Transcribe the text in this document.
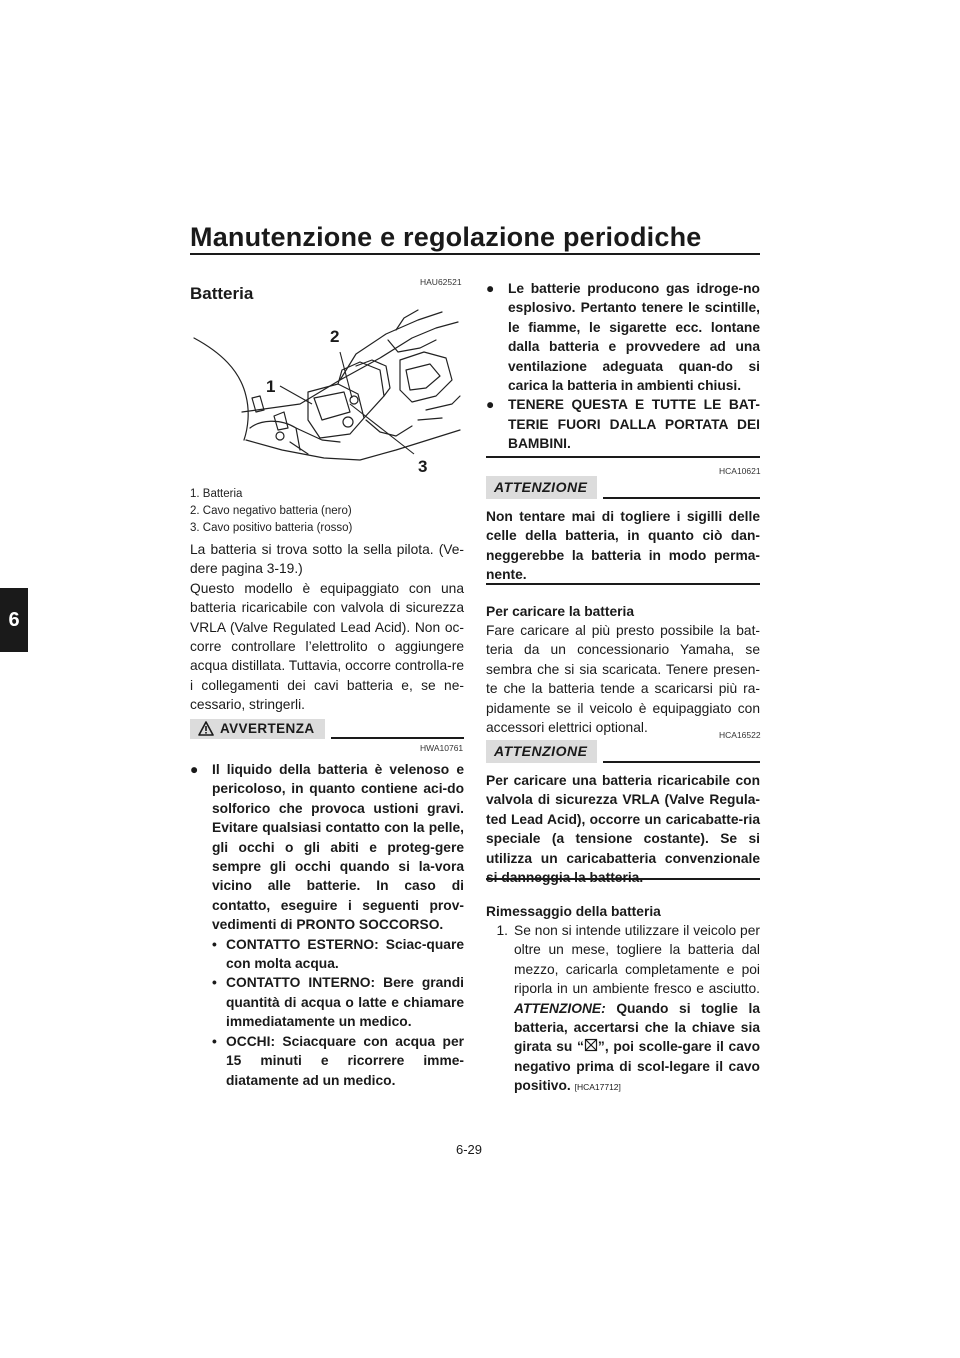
Manutenzione e regolazione periodiche
6
HAU62521
Batteria
1
2
3
1. Batteria
2. Cavo negativo batteria (nero)
3. Cavo positivo batteria (rosso)
La batteria si trova sotto la sella pilota. (Ve-dere pagina 3-19.)
Questo modello è equipaggiato con una batteria ricaricabile con valvola di sicurezza VRLA (Valve Regulated Lead Acid). Non oc-corre controllare l’elettrolito o aggiungere acqua distillata. Tuttavia, occorre controlla-re i collegamenti dei cavi batteria e, se ne-cessario, stringerli.
AVVERTENZA
HWA10761
● Il liquido della batteria è velenoso e pericoloso, in quanto contiene aci-do solforico che provoca ustioni gravi. Evitare qualsiasi contatto con la pelle, gli occhi o gli abiti e proteg-gere sempre gli occhi quando si la-vora vicino alle batterie. In caso di contatto, eseguire i seguenti prov-vedimenti di PRONTO SOCCORSO.
• CONTATTO ESTERNO: Sciac-quare con molta acqua.
• CONTATTO INTERNO: Bere grandi quantità di acqua o latte e chiamare immediatamente un medico.
• OCCHI: Sciacquare con acqua per 15 minuti e ricorrere imme-diatamente ad un medico.
● Le batterie producono gas idroge-no esplosivo. Pertanto tenere le scintille, le fiamme, le sigarette ecc. lontane dalla batteria e provvedere ad una ventilazione adeguata quan-do si carica la batteria in ambienti chiusi.
● TENERE QUESTA E TUTTE LE BAT-TERIE FUORI DALLA PORTATA DEI BAMBINI.
HCA10621
ATTENZIONE
Non tentare mai di togliere i sigilli delle celle della batteria, in quanto ciò dan-neggerebbe la batteria in modo perma-nente.
Per caricare la batteria
Fare caricare al più presto possibile la bat-teria da un concessionario Yamaha, se sembra che si sia scaricata. Tenere presen-te che la batteria tende a scaricarsi più ra-pidamente se il veicolo è equipaggiato con accessori elettrici optional.	HCA16522
ATTENZIONE
Per caricare una batteria ricaricabile con valvola di sicurezza VRLA (Valve Regula-ted Lead Acid), occorre un caricabatte-ria speciale (a tensione costante). Se si utilizza un caricabatteria convenzionale
Rimessaggio della batteria
1. Se non si intende utilizzare il veicolo per oltre un mese, togliere la batteria dal mezzo, caricarla completamente e poi riporla in un ambiente fresco e asciutto. ATTENZIONE: Quando si toglie la batteria, accertarsi che la chiave sia girata su “ ”, poi scolle-gare il cavo negativo prima di scol-legare il cavo positivo. [HCA17712]
6-29
